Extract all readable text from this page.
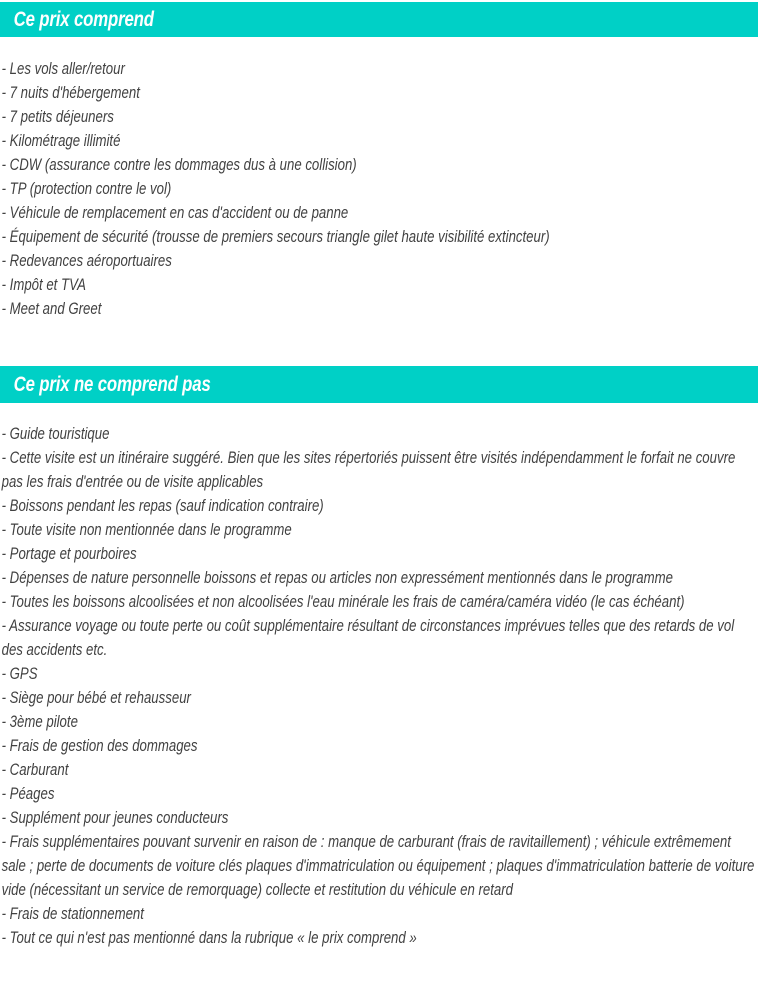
Ce prix comprend
- Les vols aller/retour
- 7 nuits d'hébergement
- 7 petits déjeuners
- Kilométrage illimité
- CDW (assurance contre les dommages dus à une collision)
- TP (protection contre le vol)
- Véhicule de remplacement en cas d'accident ou de panne
- Équipement de sécurité (trousse de premiers secours triangle gilet haute visibilité extincteur)
- Redevances aéroportuaires
- Impôt et TVA
- Meet and Greet
Ce prix ne comprend pas
- Guide touristique
- Cette visite est un itinéraire suggéré. Bien que les sites répertoriés puissent être visités indépendamment le forfait ne couvre pas les frais d'entrée ou de visite applicables
- Boissons pendant les repas (sauf indication contraire)
- Toute visite non mentionnée dans le programme
- Portage et pourboires
- Dépenses de nature personnelle boissons et repas ou articles non expressément mentionnés dans le programme
- Toutes les boissons alcoolisées et non alcoolisées l'eau minérale les frais de caméra/caméra vidéo (le cas échéant)
- Assurance voyage ou toute perte ou coût supplémentaire résultant de circonstances imprévues telles que des retards de vol des accidents etc.
- GPS
- Siège pour bébé et rehausseur
- 3ème pilote
- Frais de gestion des dommages
- Carburant
- Péages
- Supplément pour jeunes conducteurs
- Frais supplémentaires pouvant survenir en raison de : manque de carburant (frais de ravitaillement) ; véhicule extrêmement sale ; perte de documents de voiture clés plaques d'immatriculation ou équipement ; plaques d'immatriculation batterie de voiture vide (nécessitant un service de remorquage) collecte et restitution du véhicule en retard
- Frais de stationnement
- Tout ce qui n'est pas mentionné dans la rubrique « le prix comprend »
